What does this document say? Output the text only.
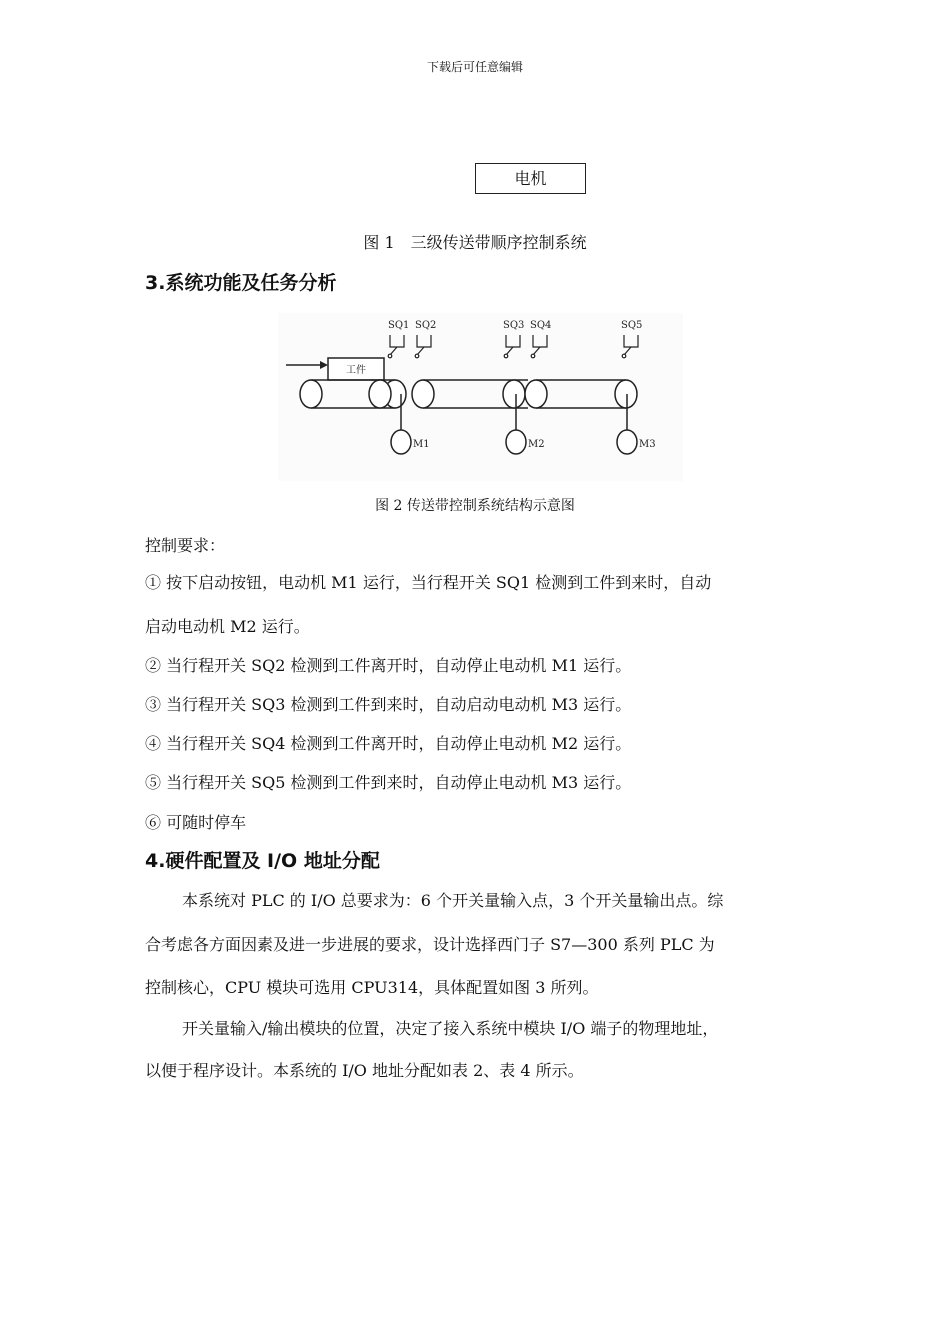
下载后可任意编辑
电机
图 1　三级传送带顺序控制系统
3.系统功能及任务分析
工件
SQ1 SQ2	SQ3 SQ4	SQ5
M1	M2	M3
图 2 传送带控制系统结构示意图
控制要求：
① 按下启动按钮，电动机 M1 运行，当行程开关 SQ1 检测到工件到来时，自动
启动电动机 M2 运行。
② 当行程开关 SQ2 检测到工件离开时，自动停止电动机 M1 运行。
③ 当行程开关 SQ3 检测到工件到来时，自动启动电动机 M3 运行。
④ 当行程开关 SQ4 检测到工件离开时，自动停止电动机 M2 运行。
⑤ 当行程开关 SQ5 检测到工件到来时，自动停止电动机 M3 运行。
⑥ 可随时停车
4.硬件配置及 I/O 地址分配
本系统对 PLC 的 I/O 总要求为：6 个开关量输入点，3 个开关量输出点。综
合考虑各方面因素及进一步进展的要求，设计选择西门子 S7—300 系列 PLC 为
控制核心，CPU 模块可选用 CPU314，具体配置如图 3 所列。
开关量输入/输出模块的位置，决定了接入系统中模块 I/O 端子的物理地址，
以便于程序设计。本系统的 I/O 地址分配如表 2、表 4 所示。
